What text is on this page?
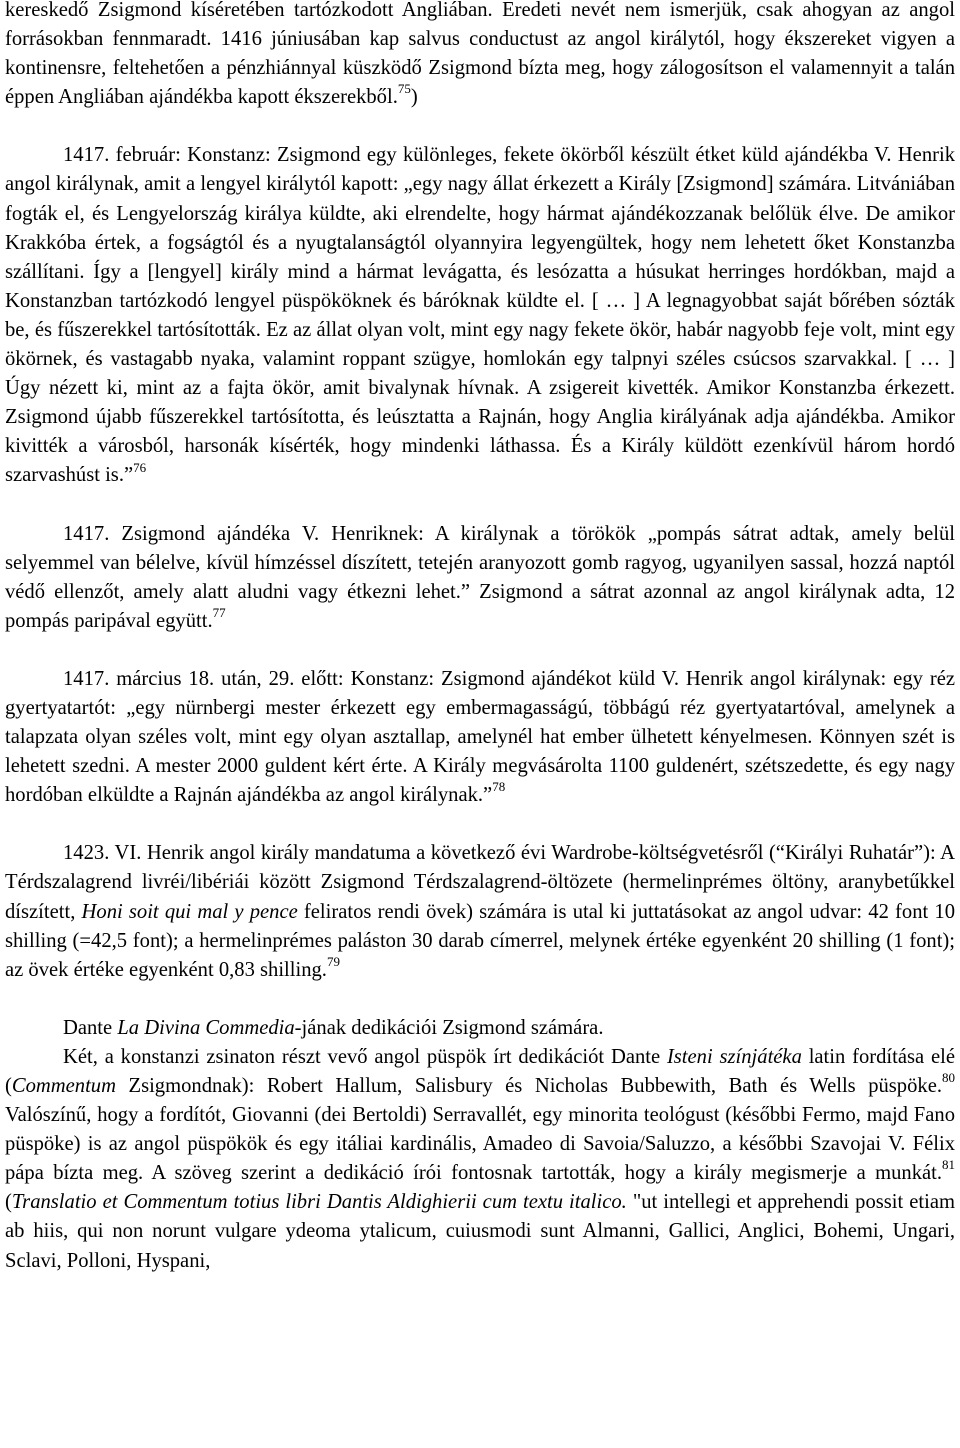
kereskedő Zsigmond kíséretében tartózkodott Angliában. Eredeti nevét nem ismerjük, csak ahogyan az angol forrásokban fennmaradt. 1416 júniusában kap salvus conductust az angol királytól, hogy ékszereket vigyen a kontinensre, feltehetően a pénzhiánnyal küszködő Zsigmond bízta meg, hogy zálogosítson el valamennyit a talán éppen Angliában ajándékba kapott ékszerekből.$^{75}$)

1417. február: Konstanz: Zsigmond egy különleges, fekete ökörből készült étket küld ajándékba V. Henrik angol királynak, amit a lengyel királytól kapott: „egy nagy állat érkezett a Király [Zsigmond] számára. Litvániában fogták el, és Lengyelország királya küldte, aki elrendelte, hogy hármat ajándékozzanak belőlük élve. De amikor Krakkóba értek, a fogságtól és a nyugtalanságtól olyannyira legyengültek, hogy nem lehetett őket Konstanzba szállítani. Így a [lengyel] király mind a hármat levágatta, és lesózatta a húsukat herringes hordókban, majd a Konstanzban tartózkodó lengyel püspököknek és báróknak küldte el. [ … ] A legnagyobbat saját bőrében sózták be, és fűszerekkel tartósították. Ez az állat olyan volt, mint egy nagy fekete ökör, habár nagyobb feje volt, mint egy ökörnek, és vastagabb nyaka, valamint roppant szügye, homlokán egy talpnyi széles csúcsos szarvakkal. [ … ] Úgy nézett ki, mint az a fajta ökör, amit bivalynak hívnak. A zsigereit kivették. Amikor Konstanzba érkezett. Zsigmond újabb fűszerekkel tartósította, és leúsztatta a Rajnán, hogy Anglia királyának adja ajándékba. Amikor kivitték a városból, harsonák kísérték, hogy mindenki láthassa. És a Király küldött ezenkívül három hordó szarvashúst is.”$^{76}$

1417. Zsigmond ajándéka V. Henriknek: A királynak a törökök „pompás sátrat adtak, amely belül selyemmel van bélelve, kívül hímzéssel díszített, tetején aranyozott gomb ragyog, ugyanilyen sassal, hozzá naptól védő ellenzőt, amely alatt aludni vagy étkezni lehet.” Zsigmond a sátrat azonnal az angol királynak adta, 12 pompás paripával együtt.$^{77}$

1417. március 18. után, 29. előtt: Konstanz: Zsigmond ajándékot küld V. Henrik angol királynak: egy réz gyertyatartót: „egy nürnbergi mester érkezett egy embermagasságú, többágú réz gyertyatartóval, amelynek a talapzata olyan széles volt, mint egy olyan asztallap, amelynél hat ember ülhetett kényelmesen. Könnyen szét is lehetett szedni. A mester 2000 guldent kért érte. A Király megvásárolta 1100 guldenért, szétszedette, és egy nagy hordóban elküldte a Rajnán ajándékba az angol királynak.”$^{78}$

1423. VI. Henrik angol király mandatuma a következő évi Wardrobe-költségvetésről (“Királyi Ruhatár”): A Térdszalagrend livréi/libériái között Zsigmond Térdszalagrend-öltözete (hermelinprémes öltöny, aranybetűkkel díszített, Honi soit qui mal y pence feliratos rendi övek) számára is utal ki juttatásokat az angol udvar: 42 font 10 shilling (=42,5 font); a hermelinprémes paláston 30 darab címerrel, melynek értéke egyenként 20 shilling (1 font); az övek értéke egyenként 0,83 shilling.$^{79}$

Dante La Divina Commedia-jának dedikációi Zsigmond számára.

Két, a konstanzi zsinaton részt vevő angol püspök írt dedikációt Dante Isteni színjátéka latin fordítása elé (Commentum Zsigmondnak): Robert Hallum, Salisbury és Nicholas Bubbewith, Bath és Wells püspöke.$^{80}$ Valószínű, hogy a fordítót, Giovanni (dei Bertoldi) Serravallét, egy minorita teológust (későbbi Fermo, majd Fano püspöke) is az angol püspökök és egy itáliai kardinális, Amadeo di Savoia/Saluzzo, a későbbi Szavojai V. Félix pápa bízta meg. A szöveg szerint a dedikáció írói fontosnak tartották, hogy a király megismerje a munkát.$^{81}$ (Translatio et Commentum totius libri Dantis Aldighierii cum textu italico. "ut intellegi et apprehendi possit etiam ab hiis, qui non norunt vulgare ydeoma ytalicum, cuiusmodi sunt Almanni, Gallici, Anglici, Bohemi, Ungari, Sclavi, Polloni, Hyspani,
